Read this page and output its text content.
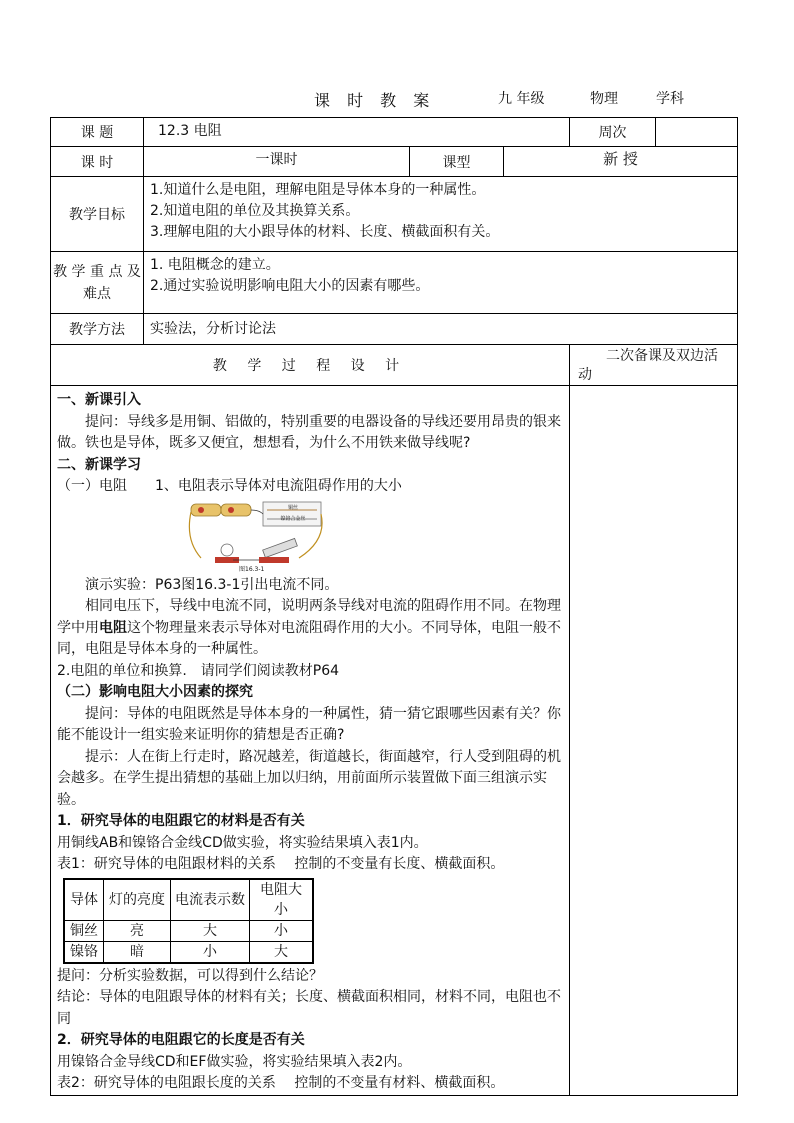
课 时 教 案	九 年级	物理	学科
课 题	12.3 电阻	周次	
课 时	一课时	课型	新 授
教学目标	
1.知道什么是电阻，理解电阻是导体本身的一种属性。
2.知道电阻的单位及其换算关系。
3.理解电阻的大小跟导体的材料、长度、横截面积有关。

教 学 重 点 及难点	
1. 电阻概念的建立。
2.通过实验说明影响电阻大小的因素有哪些。

教学方法	实验法，分析讨论法
教 学 过 程 设 计	二次备课及双边活动

一、新课引入

提问：导线多是用铜、铝做的，特别重要的电器设备的导线还要用昂贵的银来做。铁也是导体，既多又便宜，想想看，为什么不用铁来做导线呢?

二、新课学习

（一）电阻　　1、电阻表示导体对电流阻碍作用的大小

铜丝
镍铬合金丝
图16.3-1

演示实验：P63图16.3-1引出电流不同。

相同电压下，导线中电流不同，说明两条导线对电流的阻碍作用不同。在物理学中用电阻这个物理量来表示导体对电流阻碍作用的大小。不同导体，电阻一般不同，电阻是导体本身的一种属性。

2.电阻的单位和换算.　请同学们阅读教材P64

（二）影响电阻大小因素的探究

提问：导体的电阻既然是导体本身的一种属性，猜一猜它跟哪些因素有关？你能不能设计一组实验来证明你的猜想是否正确?

提示：人在街上行走时，路况越差，街道越长，街面越窄，行人受到阻碍的机会越多。在学生提出猜想的基础上加以归纳，用前面所示装置做下面三组演示实验。

1．研究导体的电阻跟它的材料是否有关

用铜线AB和镍铬合金线CD做实验，将实验结果填入表1内。

表1：研究导体的电阻跟材料的关系　 控制的不变量有长度、横截面积。

导体	灯的亮度	电流表示数	电阻大小
铜丝	亮	大	小
镍铬	暗	小	大

提问：分析实验数据，可以得到什么结论？

结论：导体的电阻跟导体的材料有关；长度、横截面积相同，材料不同，电阻也不同

2．研究导体的电阻跟它的长度是否有关

用镍铬合金导线CD和EF做实验，将实验结果填入表2内。

表2：研究导体的电阻跟长度的关系　 控制的不变量有材料、横截面积。
